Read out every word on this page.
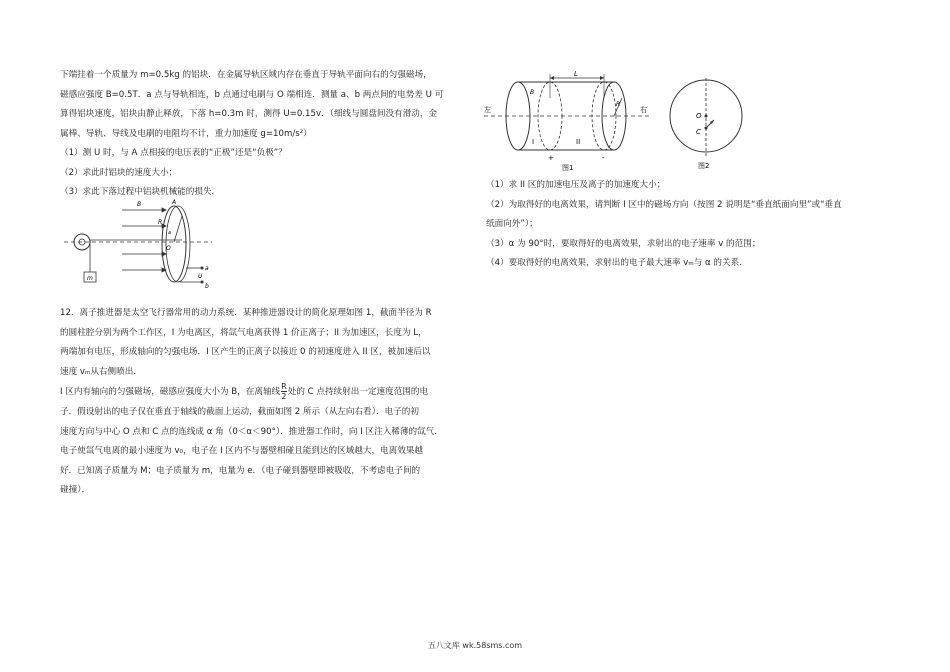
下端挂着一个质量为 m=0.5kg 的铝块．在金属导轨区域内存在垂直于导轨平面向右的匀强磁场，

磁感应强度 B=0.5T．a 点与导轨相连，b 点通过电刷与 O 端相连．测量 a、b 两点间的电势差 U 可

算得铝块速度，铝块由静止释放，下落 h=0.3m 时，测得 U=0.15v．（细线与圆盘间没有滑动，金

属棒、导轨、导线及电刷的电阻均不计，重力加速度 g=10m/s²）

（1）测 U 时，与 A 点相接的电压表的“正极”还是“负极”？

（2）求此时铝块的速度大小；

（3）求此下落过程中铝块机械能的损失．

12．离子推进器是太空飞行器常用的动力系统．某种推进器设计的简化原理如图 1，截面半径为 R

的圆柱腔分别为两个工作区，I 为电离区，将氙气电离获得 1 价正离子；II 为加速区，长度为 L，

两端加有电压，形成轴向的匀强电场．I 区产生的正离子以接近 0 的初速度进入 II 区，被加速后以

速度 vₘ从右侧喷出．

I 区内有轴向的匀强磁场，磁感应强度大小为 B，在离轴线 $\frac{R}{2}$ 处的 C 点持续射出一定速度范围的电

子．假设射出的电子仅在垂直于轴线的截面上运动，截面如图 2 所示（从左向右看）．电子的初

速度方向与中心 O 点和 C 点的连线成 α 角（0＜α＜90°）．推进器工作时，向 I 区注入稀薄的氙气．

电子使氙气电离的最小速度为 v₀，电子在 I 区内不与器壁相碰且能到达的区域越大，电离效果越

好．已知离子质量为 M；电子质量为 m，电量为 e．（电子碰到器壁即被吸收，不考虑电子间的

碰撞）．

（1）求 II 区的加速电压及离子的加速度大小；

（2）为取得好的电离效果，请判断 I 区中的磁场方向（按图 2 说明是“垂直纸面向里”或“垂直

纸面向外”）；

（3）α 为 90°时，要取得好的电离效果，求射出的电子速率 v 的范围；

（4）要取得好的电离效果，求射出的电子最大速率 vₘ与 α 的关系．

m
B	A
R
a
O
a
U
b
L
左	右
B
R
I	II
+	-
图1
O
C
图2
五八文库 wk.58sms.com
